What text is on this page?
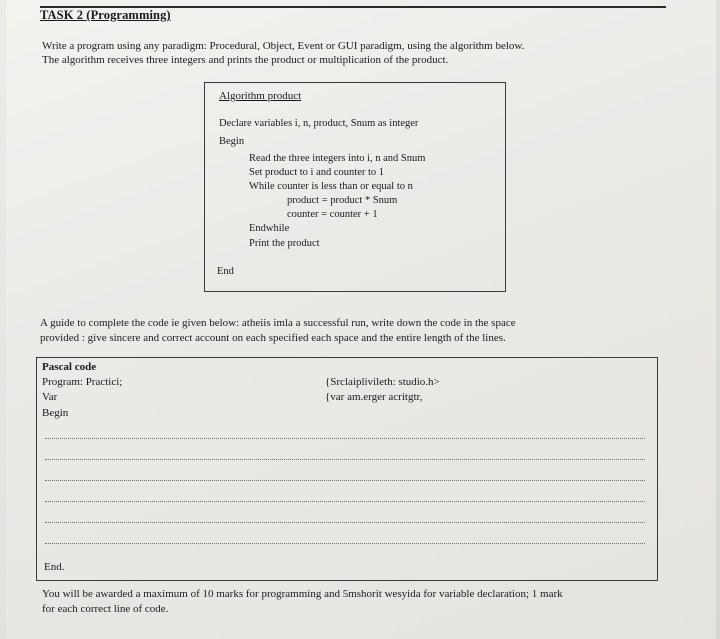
TASK 2 (Programming)
Write a program using any paradigm: Procedural, Object, Event or GUI paradigm, using the algorithm below.
The algorithm receives three integers and prints the product or multiplication of the product.
Algorithm product
Declare variables i, n, product, Snum as integer
Begin
Read the three integers into i, n and Snum
Set product to i and counter to 1
While counter is less than or equal to n
product = product * Snum
counter = counter + 1
Endwhile
Print the product
End
A guide to complete the code ie given below: atheiis imla a successful run, write down the code in the space
provided : give sincere and correct account on each specified each space and the entire length of the lines.
Pascal code
Program: Practici;
Var
Begin
{Srclaiplivileth: studio.h>
{var am.erger acritgtr,
End.
You will be awarded a maximum of 10 marks for programming and 5mshorit wesyida for variable declaration; 1 mark
for each correct line of code.
